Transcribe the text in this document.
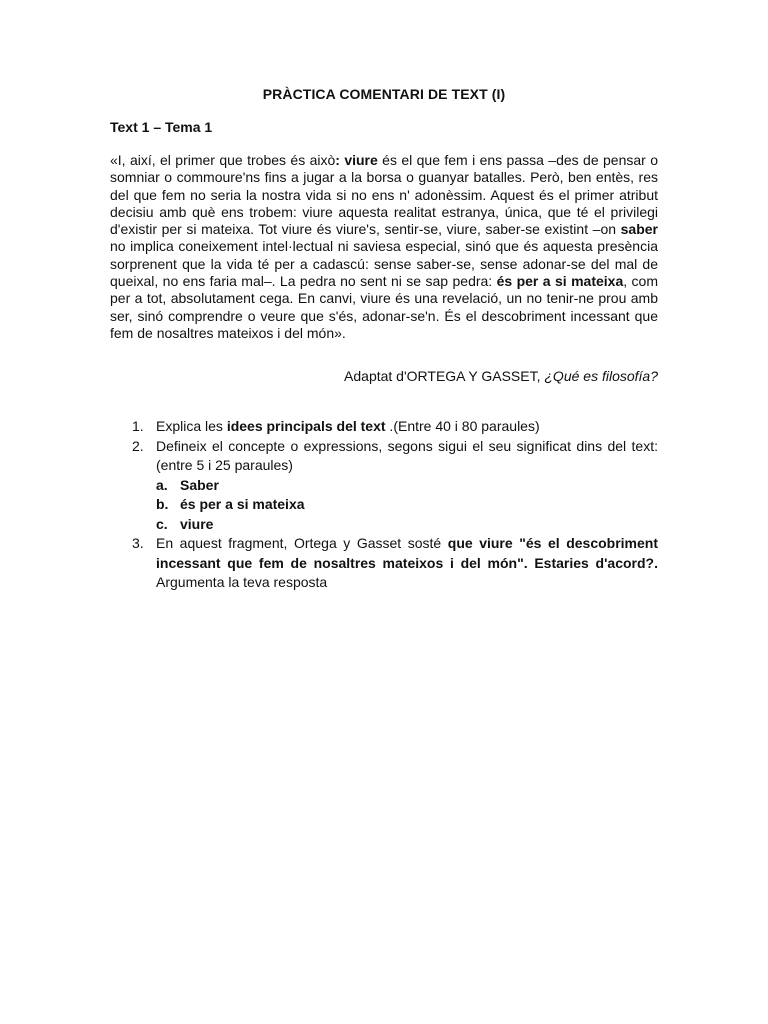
PRÀCTICA COMENTARI DE TEXT (I)
Text 1 – Tema 1
«I, així, el primer que trobes és això: viure és el que fem i ens passa –des de pensar o somniar o commoure'ns fins a jugar a la borsa o guanyar batalles. Però, ben entès, res del que fem no seria la nostra vida si no ens n' adonèssim. Aquest és el primer atribut decisiu amb què ens trobem: viure aquesta realitat estranya, única, que té el privilegi d'existir per si mateixa. Tot viure és viure's, sentir-se, viure, saber-se existint –on saber no implica coneixement intel·lectual ni saviesa especial, sinó que és aquesta presència sorprenent que la vida té per a cadascú: sense saber-se, sense adonar-se del mal de queixal, no ens faria mal–. La pedra no sent ni se sap pedra: és per a si mateixa, com per a tot, absolutament cega. En canvi, viure és una revelació, un no tenir-ne prou amb ser, sinó comprendre o veure que s'és, adonar-se'n. És el descobriment incessant que fem de nosaltres mateixos i del món».
Adaptat d'ORTEGA Y GASSET, ¿Qué es filosofía?
1. Explica les idees principals del text .(Entre 40 i 80 paraules)
2. Defineix el concepte o expressions, segons sigui el seu significat dins del text: (entre 5 i 25 paraules)
a. Saber
b. és per a si mateixa
c. viure
3. En aquest fragment, Ortega y Gasset sosté que viure "és el descobriment incessant que fem de nosaltres mateixos i del món". Estaries d'acord?. Argumenta la teva resposta
